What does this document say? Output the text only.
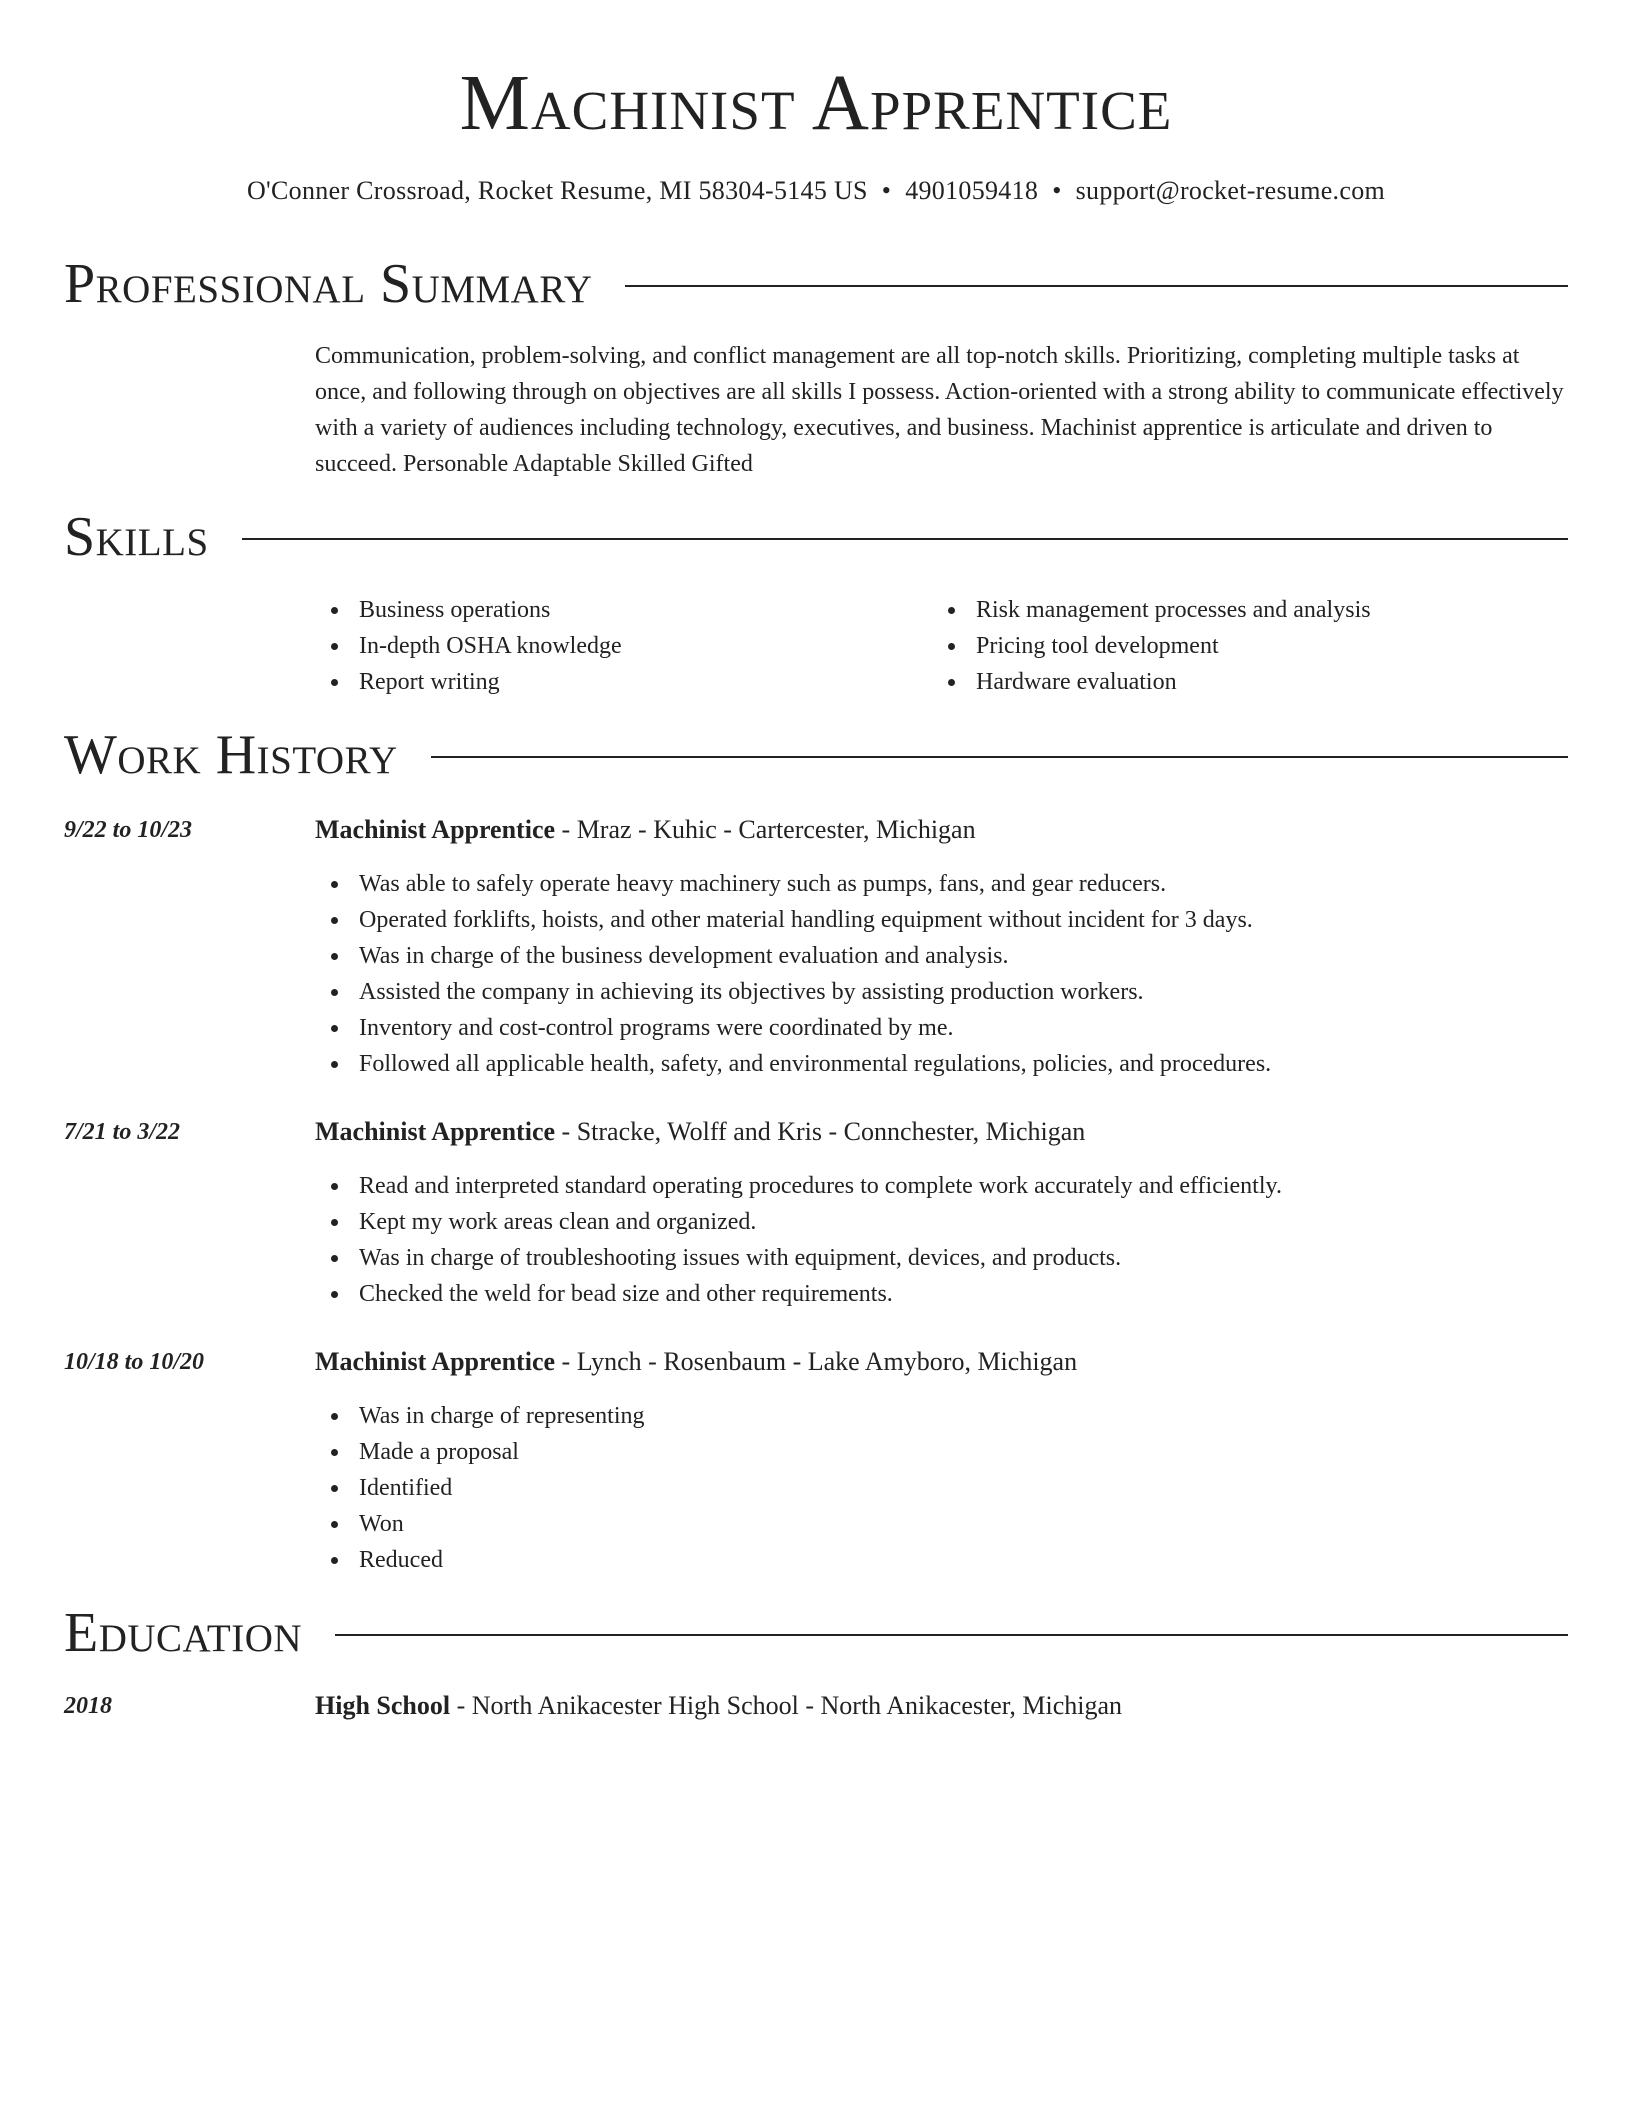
Machinist Apprentice
O'Conner Crossroad, Rocket Resume, MI 58304-5145 US • 4901059418 • support@rocket-resume.com
Professional Summary
Communication, problem-solving, and conflict management are all top-notch skills. Prioritizing, completing multiple tasks at once, and following through on objectives are all skills I possess. Action-oriented with a strong ability to communicate effectively with a variety of audiences including technology, executives, and business. Machinist apprentice is articulate and driven to succeed. Personable Adaptable Skilled Gifted
Skills
Business operations
In-depth OSHA knowledge
Report writing
Risk management processes and analysis
Pricing tool development
Hardware evaluation
Work History
9/22 to 10/23	Machinist Apprentice - Mraz - Kuhic - Cartercester, Michigan
Was able to safely operate heavy machinery such as pumps, fans, and gear reducers.
Operated forklifts, hoists, and other material handling equipment without incident for 3 days.
Was in charge of the business development evaluation and analysis.
Assisted the company in achieving its objectives by assisting production workers.
Inventory and cost-control programs were coordinated by me.
Followed all applicable health, safety, and environmental regulations, policies, and procedures.
7/21 to 3/22	Machinist Apprentice - Stracke, Wolff and Kris - Connchester, Michigan
Read and interpreted standard operating procedures to complete work accurately and efficiently.
Kept my work areas clean and organized.
Was in charge of troubleshooting issues with equipment, devices, and products.
Checked the weld for bead size and other requirements.
10/18 to 10/20	Machinist Apprentice - Lynch - Rosenbaum - Lake Amyboro, Michigan
Was in charge of representing
Made a proposal
Identified
Won
Reduced
Education
2018	High School - North Anikacester High School - North Anikacester, Michigan
